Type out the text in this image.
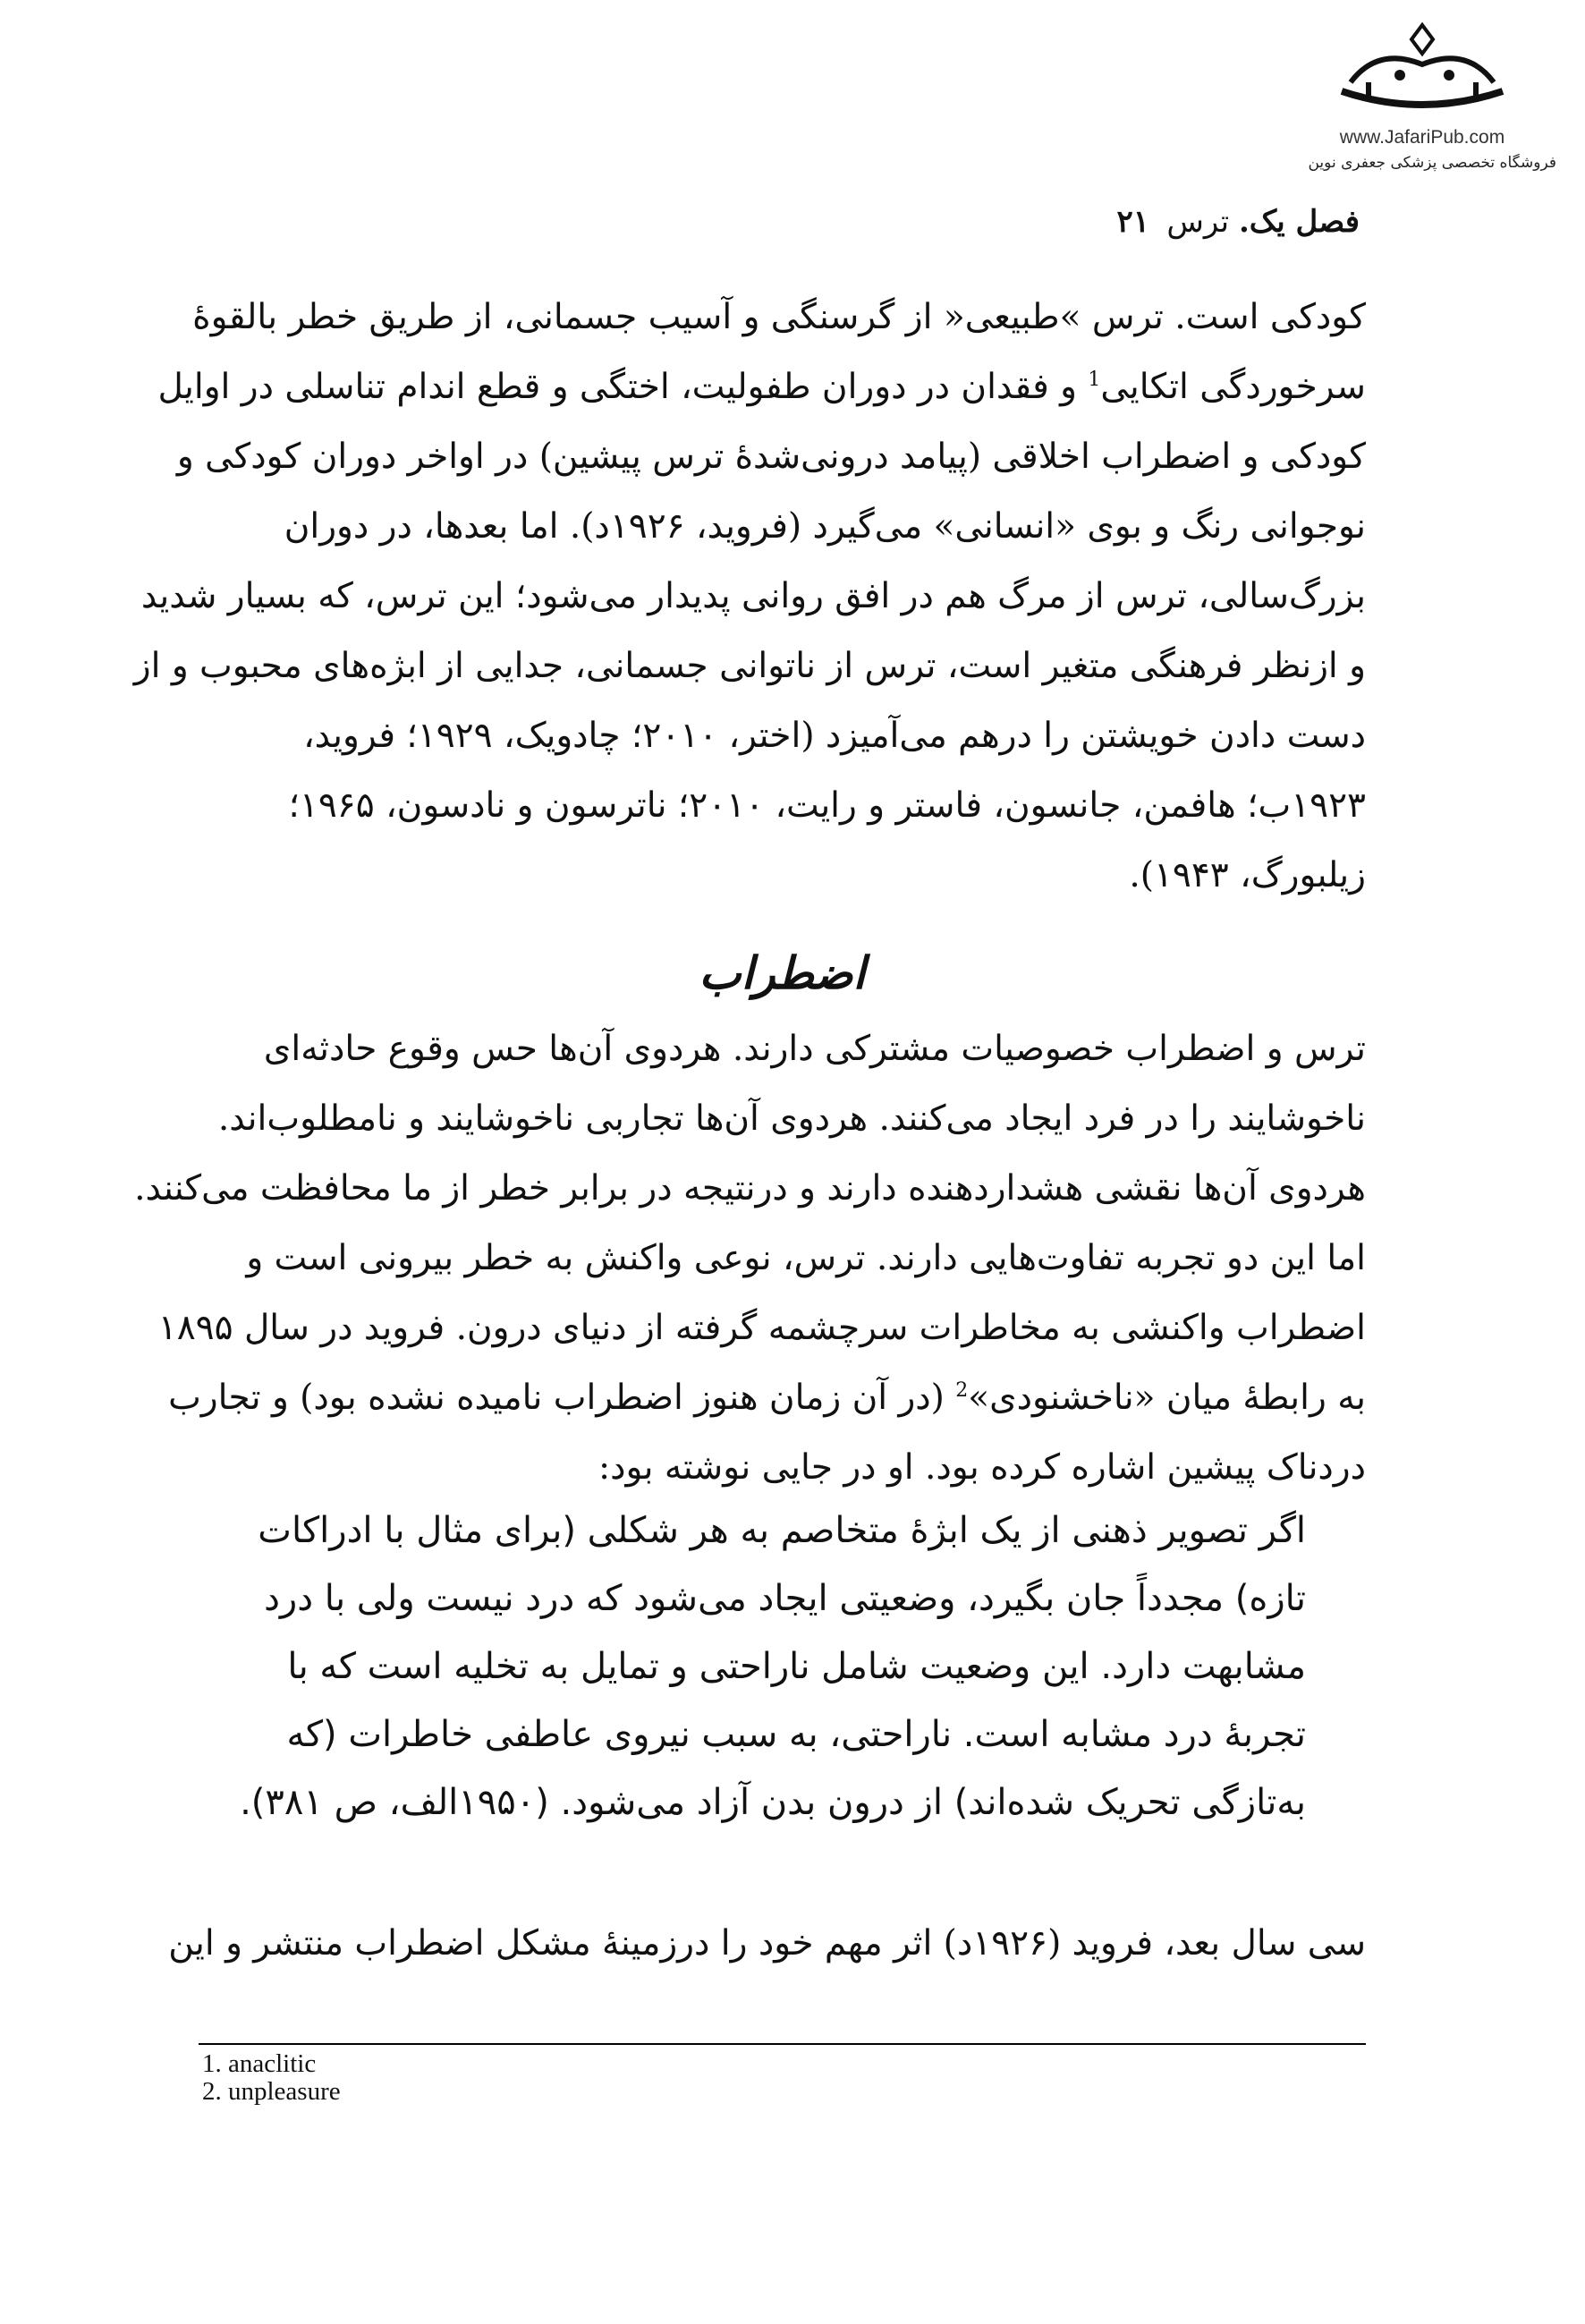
www.JafariPub.com
فروشگاه تخصصی پزشکی جعفری نوین
فصل یک. ترس
۲۱
کودکی است. ترس »طبیعی« از گرسنگی و آسیب جسمانی، از طریق خطر بالقوۀ
سرخوردگی اتکایی$^1$ و فقدان در دوران طفولیت، اختگی و قطع اندام تناسلی در اوایل
کودکی و اضطراب اخلاقی (پیامد درونی‌شدۀ ترس پیشین) در اواخر دوران کودکی و
نوجوانی رنگ و بوی «انسانی» می‌گیرد (فروید، ۱۹۲۶د). اما بعدها، در دوران
بزرگ‌سالی، ترس از مرگ هم در افق روانی پدیدار می‌شود؛ این ترس، که بسیار شدید
و ازنظر فرهنگی متغیر است، ترس از ناتوانی جسمانی، جدایی از ابژه‌های محبوب و از
دست دادن خویشتن را درهم می‌آمیزد (اختر، ۲۰۱۰؛ چادویک، ۱۹۲۹؛ فروید،
۱۹۲۳ب؛ هافمن، جانسون، فاستر و رایت، ۲۰۱۰؛ ناترسون و نادسون، ۱۹۶۵؛
زیلبورگ، ۱۹۴۳).
اضطراب
ترس و اضطراب خصوصیات مشترکی دارند. هردوی آن‌ها حس وقوع حادثه‌ای
ناخوشایند را در فرد ایجاد می‌کنند. هردوی آن‌ها تجاربی ناخوشایند و نامطلوب‌اند.
هردوی آن‌ها نقشی هشداردهنده دارند و درنتیجه در برابر خطر از ما محافظت می‌کنند.
اما این دو تجربه تفاوت‌هایی دارند. ترس، نوعی واکنش به خطر بیرونی است و
اضطراب واکنشی به مخاطرات سرچشمه گرفته از دنیای درون. فروید در سال ۱۸۹۵
به رابطۀ میان «ناخشنودی»$^2$ (در آن زمان هنوز اضطراب نامیده نشده بود) و تجارب
دردناک پیشین اشاره کرده بود. او در جایی نوشته بود:
اگر تصویر ذهنی از یک ابژۀ متخاصم به هر شکلی (برای مثال با ادراکات
تازه) مجدداً جان بگیرد، وضعیتی ایجاد می‌شود که درد نیست ولی با درد
مشابهت دارد. این وضعیت شامل ناراحتی و تمایل به تخلیه است که با
تجربۀ درد مشابه است. ناراحتی، به سبب نیروی عاطفی خاطرات (که
به‌تازگی تحریک شده‌اند) از درون بدن آزاد می‌شود. (۱۹۵۰الف، ص ۳۸۱).
سی سال بعد، فروید (۱۹۲۶د) اثر مهم خود را درزمینۀ مشکل اضطراب منتشر و این
1. anaclitic
2. unpleasure
